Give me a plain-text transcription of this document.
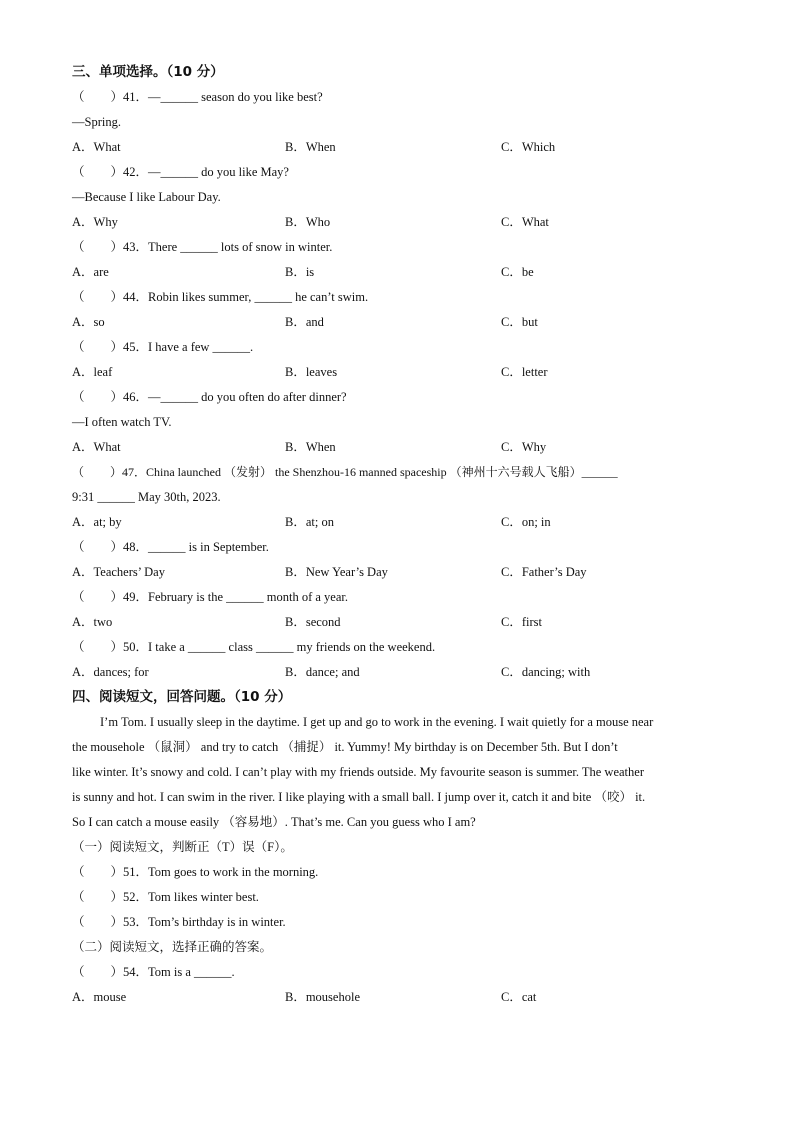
三、单项选择。（10 分）
（ ）41．—______ season do you like best?
—Spring.
A．What	B．When	C．Which
（ ）42．—______ do you like May?
—Because I like Labour Day.
A．Why	B．Who	C．What
（ ）43．There ______ lots of snow in winter.
A．are	B．is	C．be
（ ）44．Robin likes summer, ______ he can’t swim.
A．so	B．and	C．but
（ ）45．I have a few ______.
A．leaf	B．leaves	C．letter
（ ）46．—______ do you often do after dinner?
—I often watch TV.
A．What	B．When	C．Why
（ ）47．China launched （发射） the Shenzhou-16 manned spaceship （神州十六号载人飞船）______
9:31 ______ May 30th, 2023.
A．at; by	B．at; on	C．on; in
（ ）48．______ is in September.
A．Teachers’ Day	B．New Year’s Day	C．Father’s Day
（ ）49．February is the ______ month of a year.
A．two	B．second	C．first
（ ）50．I take a ______ class ______ my friends on the weekend.
A．dances; for	B．dance; and	C．dancing; with
四、阅读短文，回答问题。（10 分）
I’m Tom. I usually sleep in the daytime. I get up and go to work in the evening. I wait quietly for a mouse near
the mousehole （鼠洞） and try to catch （捕捉） it. Yummy! My birthday is on December 5th. But I don’t
like winter. It’s snowy and cold. I can’t play with my friends outside. My favourite season is summer. The weather
is sunny and hot. I can swim in the river. I like playing with a small ball. I jump over it, catch it and bite （咬） it.
So I can catch a mouse easily （容易地）. That’s me. Can you guess who I am?
（一）阅读短文，判断正（T）误（F）。
（ ）51．Tom goes to work in the morning.
（ ）52．Tom likes winter best.
（ ）53．Tom’s birthday is in winter.
（二）阅读短文，选择正确的答案。
（ ）54．Tom is a ______.
A．mouse	B．mousehole	C．cat
